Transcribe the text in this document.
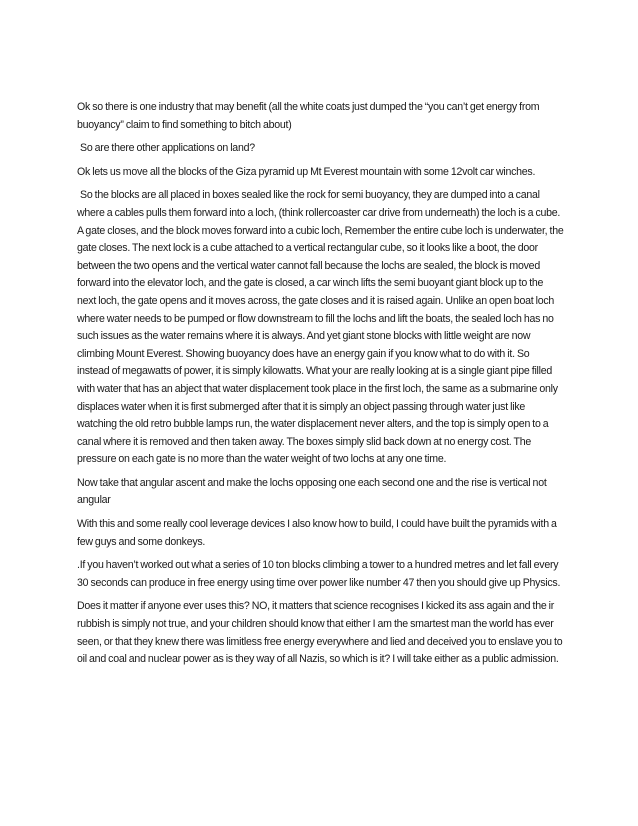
Ok so there is one industry that may benefit (all the white coats just dumped the “you can’t get energy from buoyancy” claim to find something to bitch about)

So are there other applications on land?

Ok lets us move all the blocks of the Giza pyramid up Mt Everest mountain with some 12volt car winches.

So the blocks are all placed in boxes sealed like the rock for semi buoyancy, they are dumped into a canal where a cables pulls them forward into a loch, (think rollercoaster car drive from underneath) the loch is a cube. A gate closes, and the block moves forward into a cubic loch, Remember the entire cube loch is underwater, the gate closes. The next lock is a cube attached to a vertical rectangular cube, so it looks like a boot, the door between the two opens and the vertical water cannot fall because the lochs are sealed, the block is moved forward into the elevator loch, and the gate is closed, a car winch lifts the semi buoyant giant block up to the next loch, the gate opens and it moves across, the gate closes and it is raised again. Unlike an open boat loch where water needs to be pumped or flow downstream to fill the lochs and lift the boats, the sealed loch has no such issues as the water remains where it is always. And yet giant stone blocks with little weight are now climbing Mount Everest. Showing buoyancy does have an energy gain if you know what to do with it. So instead of megawatts of power, it is simply kilowatts. What your are really looking at is a single giant pipe filled with water that has an abject that water displacement took place in the first loch, the same as a submarine only displaces water when it is first submerged after that it is simply an object passing through water just like watching the old retro bubble lamps run, the water displacement never alters, and the top is simply open to a canal where it is removed and then taken away. The boxes simply slid back down at no energy cost. The pressure on each gate is no more than the water weight of two lochs at any one time.

Now take that angular ascent and make the lochs opposing one each second one and the rise is vertical not angular

With this and some really cool leverage devices I also know how to build, I could have built the pyramids with a few guys and some donkeys.

.If you haven’t worked out what a series of 10 ton blocks climbing a tower to a hundred metres and let fall every 30 seconds can produce in free energy using time over power like number 47 then you should give up Physics.

Does it matter if anyone ever uses this? NO, it matters that science recognises I kicked its ass again and the ir rubbish is simply not true, and your children should know that either I am the smartest man the world has ever seen, or that they knew there was limitless free energy everywhere and lied and deceived you to enslave you to oil and coal and nuclear power as is they way of all Nazis, so which is it? I will take either as a public admission.
